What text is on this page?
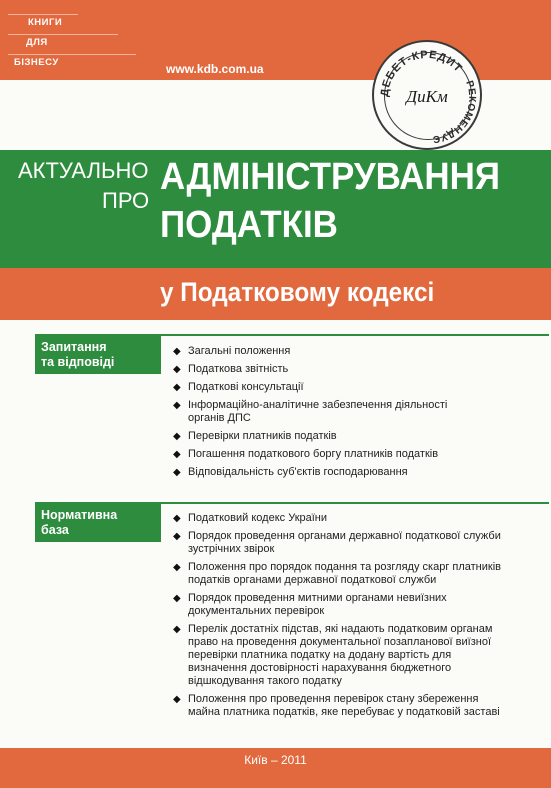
КНИГИ
ДЛЯ
БІЗНЕСУ	www.kdb.com.ua
ДЕБЕТ-КРЕДИТ
РЕКОМЕНДУЄ
ДиКм
АКТУАЛЬНО
ПРО
АДМІНІСТРУВАННЯ
ПОДАТКІВ
у Податковому кодексі
Запитання
та відповіді
◆ Загальні положення
◆ Податкова звітність
◆ Податкові консультації
◆ Інформаційно-аналітичне забезпечення діяльності органів ДПС
◆ Перевірки платників податків
◆ Погашення податкового боргу платників податків
◆ Відповідальність суб'єктів господарювання
Нормативна
база
◆ Податковий кодекс України
◆ Порядок проведення органами державної податкової служби зустрічних звірок
◆ Положення про порядок подання та розгляду скарг платників податків органами державної податкової служби
◆ Порядок проведення митними органами невиїзних документальних перевірок
◆ Перелік достатніх підстав, які надають податковим органам право на проведення документальної позапланової виїзної перевірки платника податку на додану вартість для визначення достовірності нарахування бюджетного відшкодування такого податку
◆ Положення про проведення перевірок стану збереження майна платника податків, яке перебуває у податковій заставі
Київ – 2011
